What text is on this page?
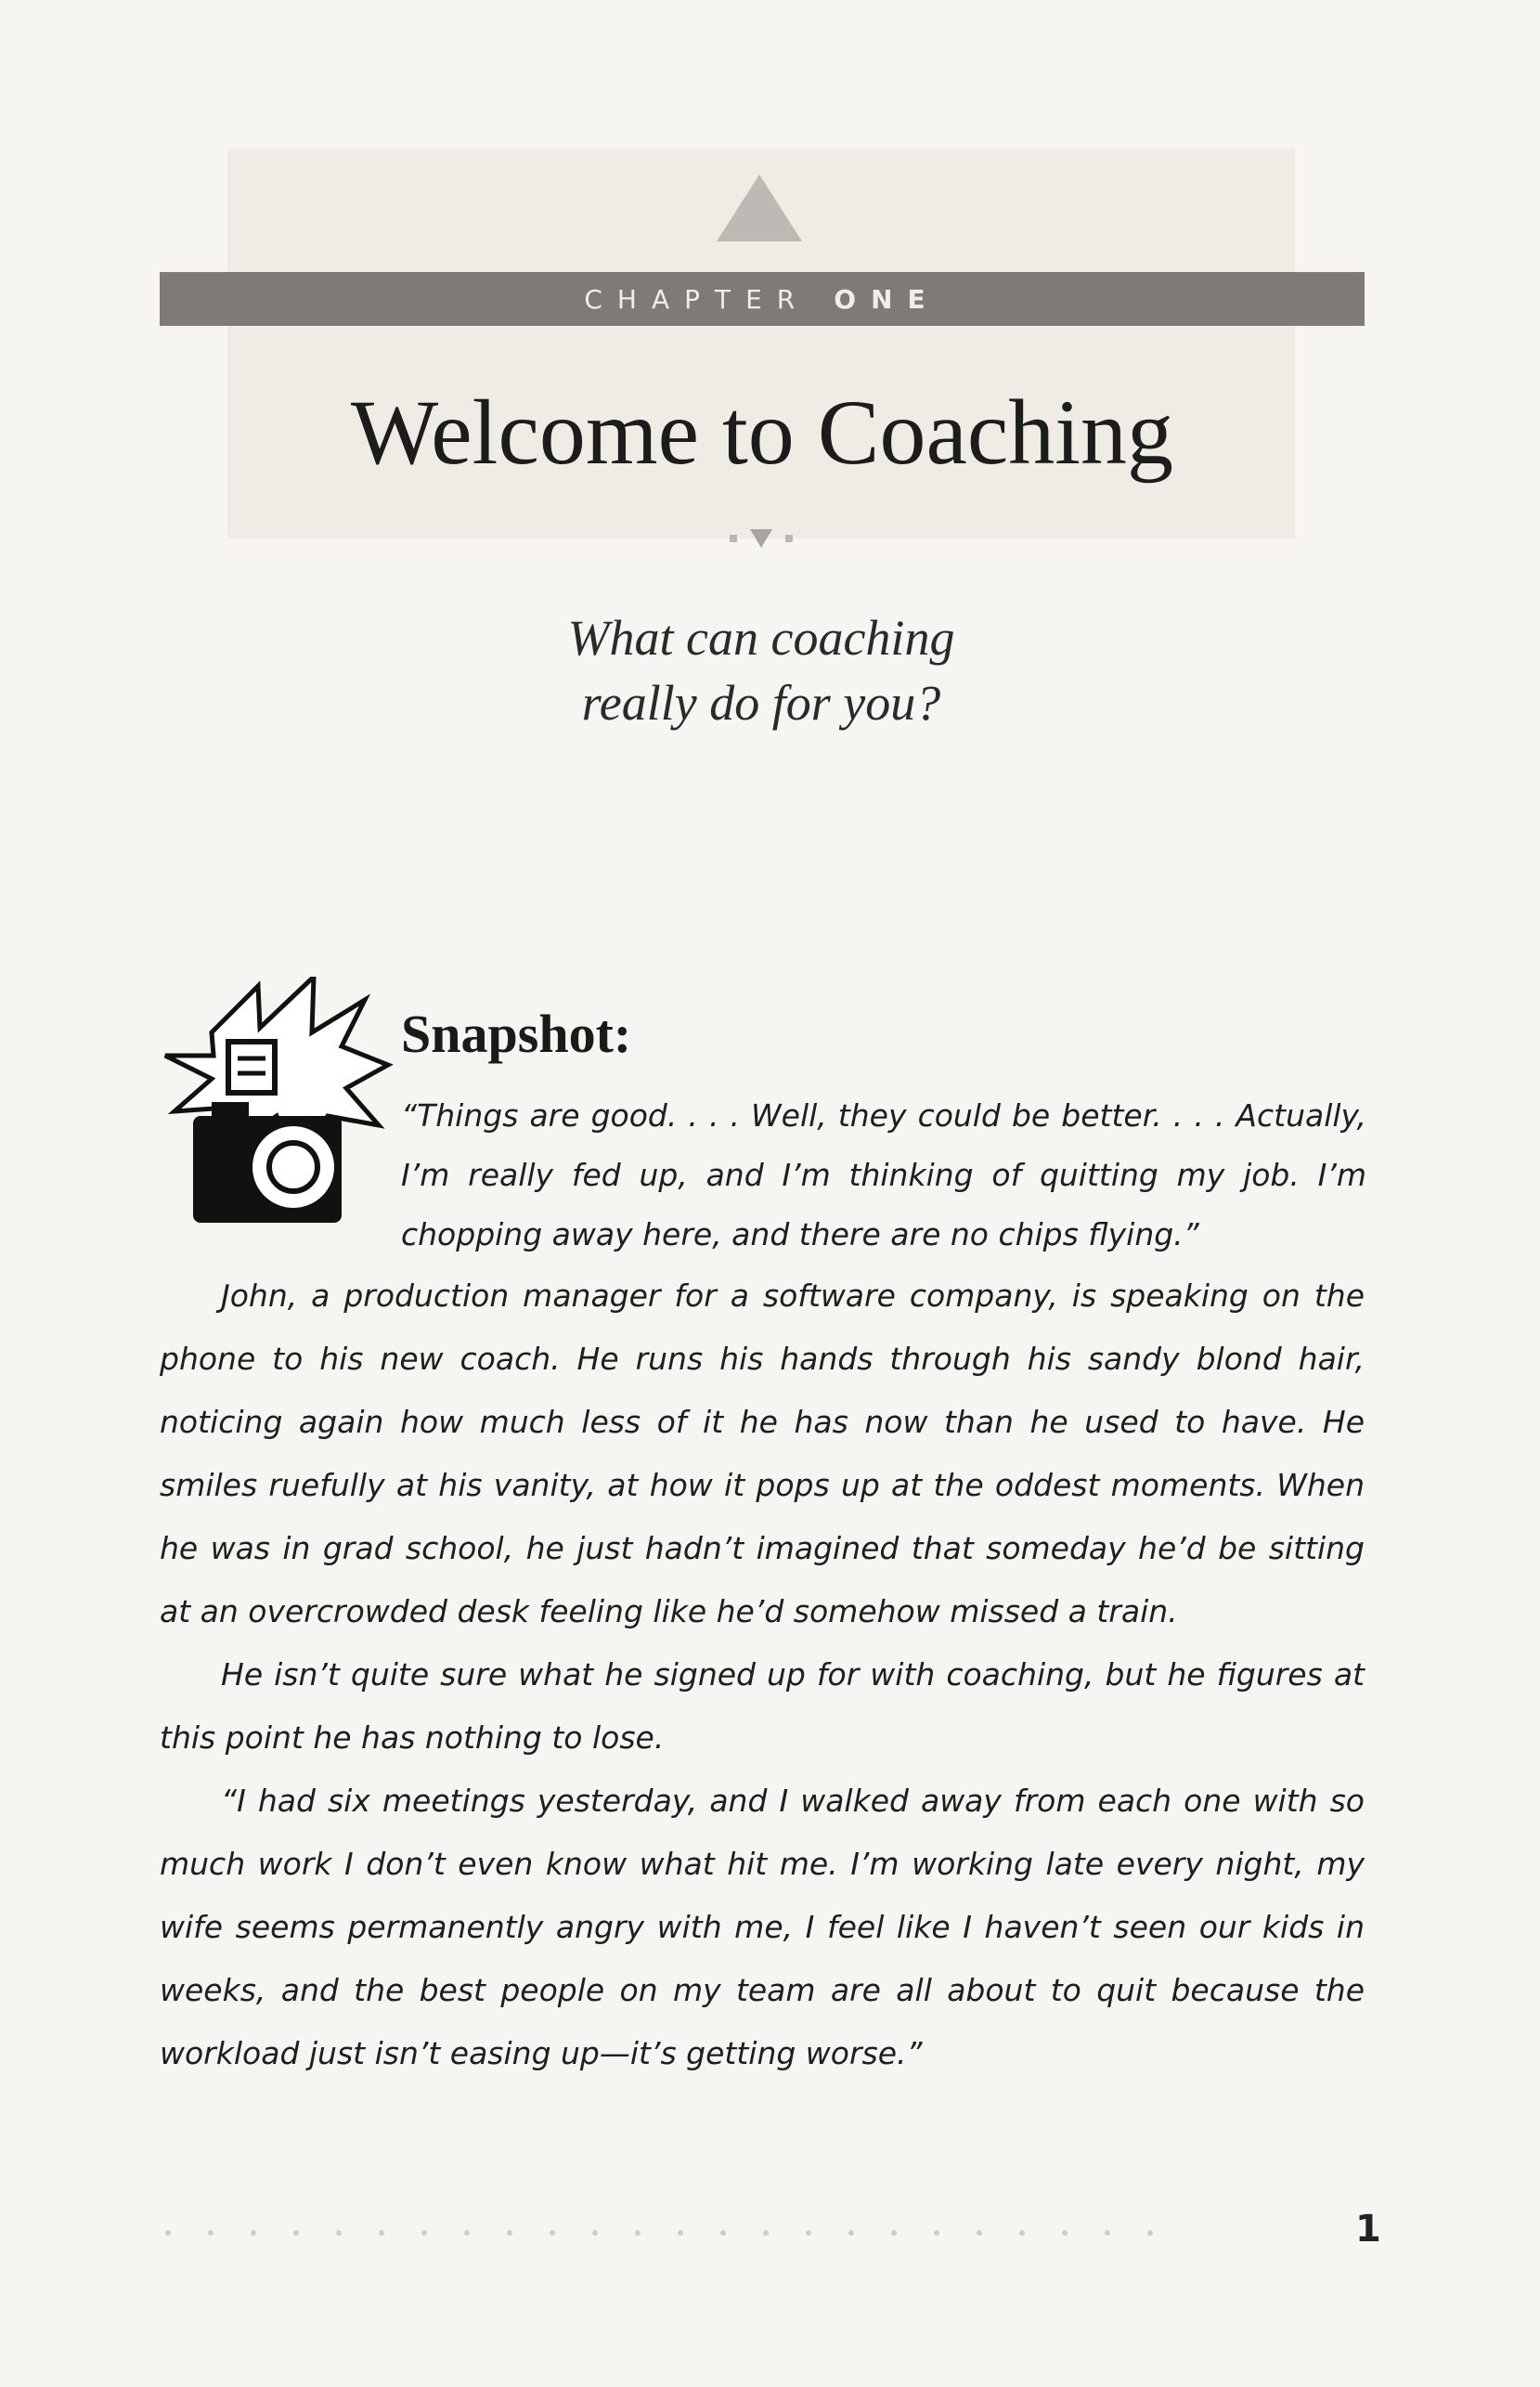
CHAPTER ONE
Welcome to Coaching
What can coaching
really do for you?
Snapshot:
“Things are good. . . . Well, they could be better. . . . Actually, I’m really fed up, and I’m thinking of quitting my job. I’m chopping away here, and there are no chips flying.”

John, a production manager for a software company, is speaking on the phone to his new coach. He runs his hands through his sandy blond hair, noticing again how much less of it he has now than he used to have. He smiles ruefully at his vanity, at how it pops up at the oddest moments. When he was in grad school, he just hadn’t imagined that someday he’d be sitting at an overcrowded desk feeling like he’d somehow missed a train.

He isn’t quite sure what he signed up for with coaching, but he figures at this point he has nothing to lose.

“I had six meetings yesterday, and I walked away from each one with so much work I don’t even know what hit me. I’m working late every night, my wife seems permanently angry with me, I feel like I haven’t seen our kids in weeks, and the best people on my team are all about to quit because the workload just isn’t easing up—it’s getting worse.”

1
